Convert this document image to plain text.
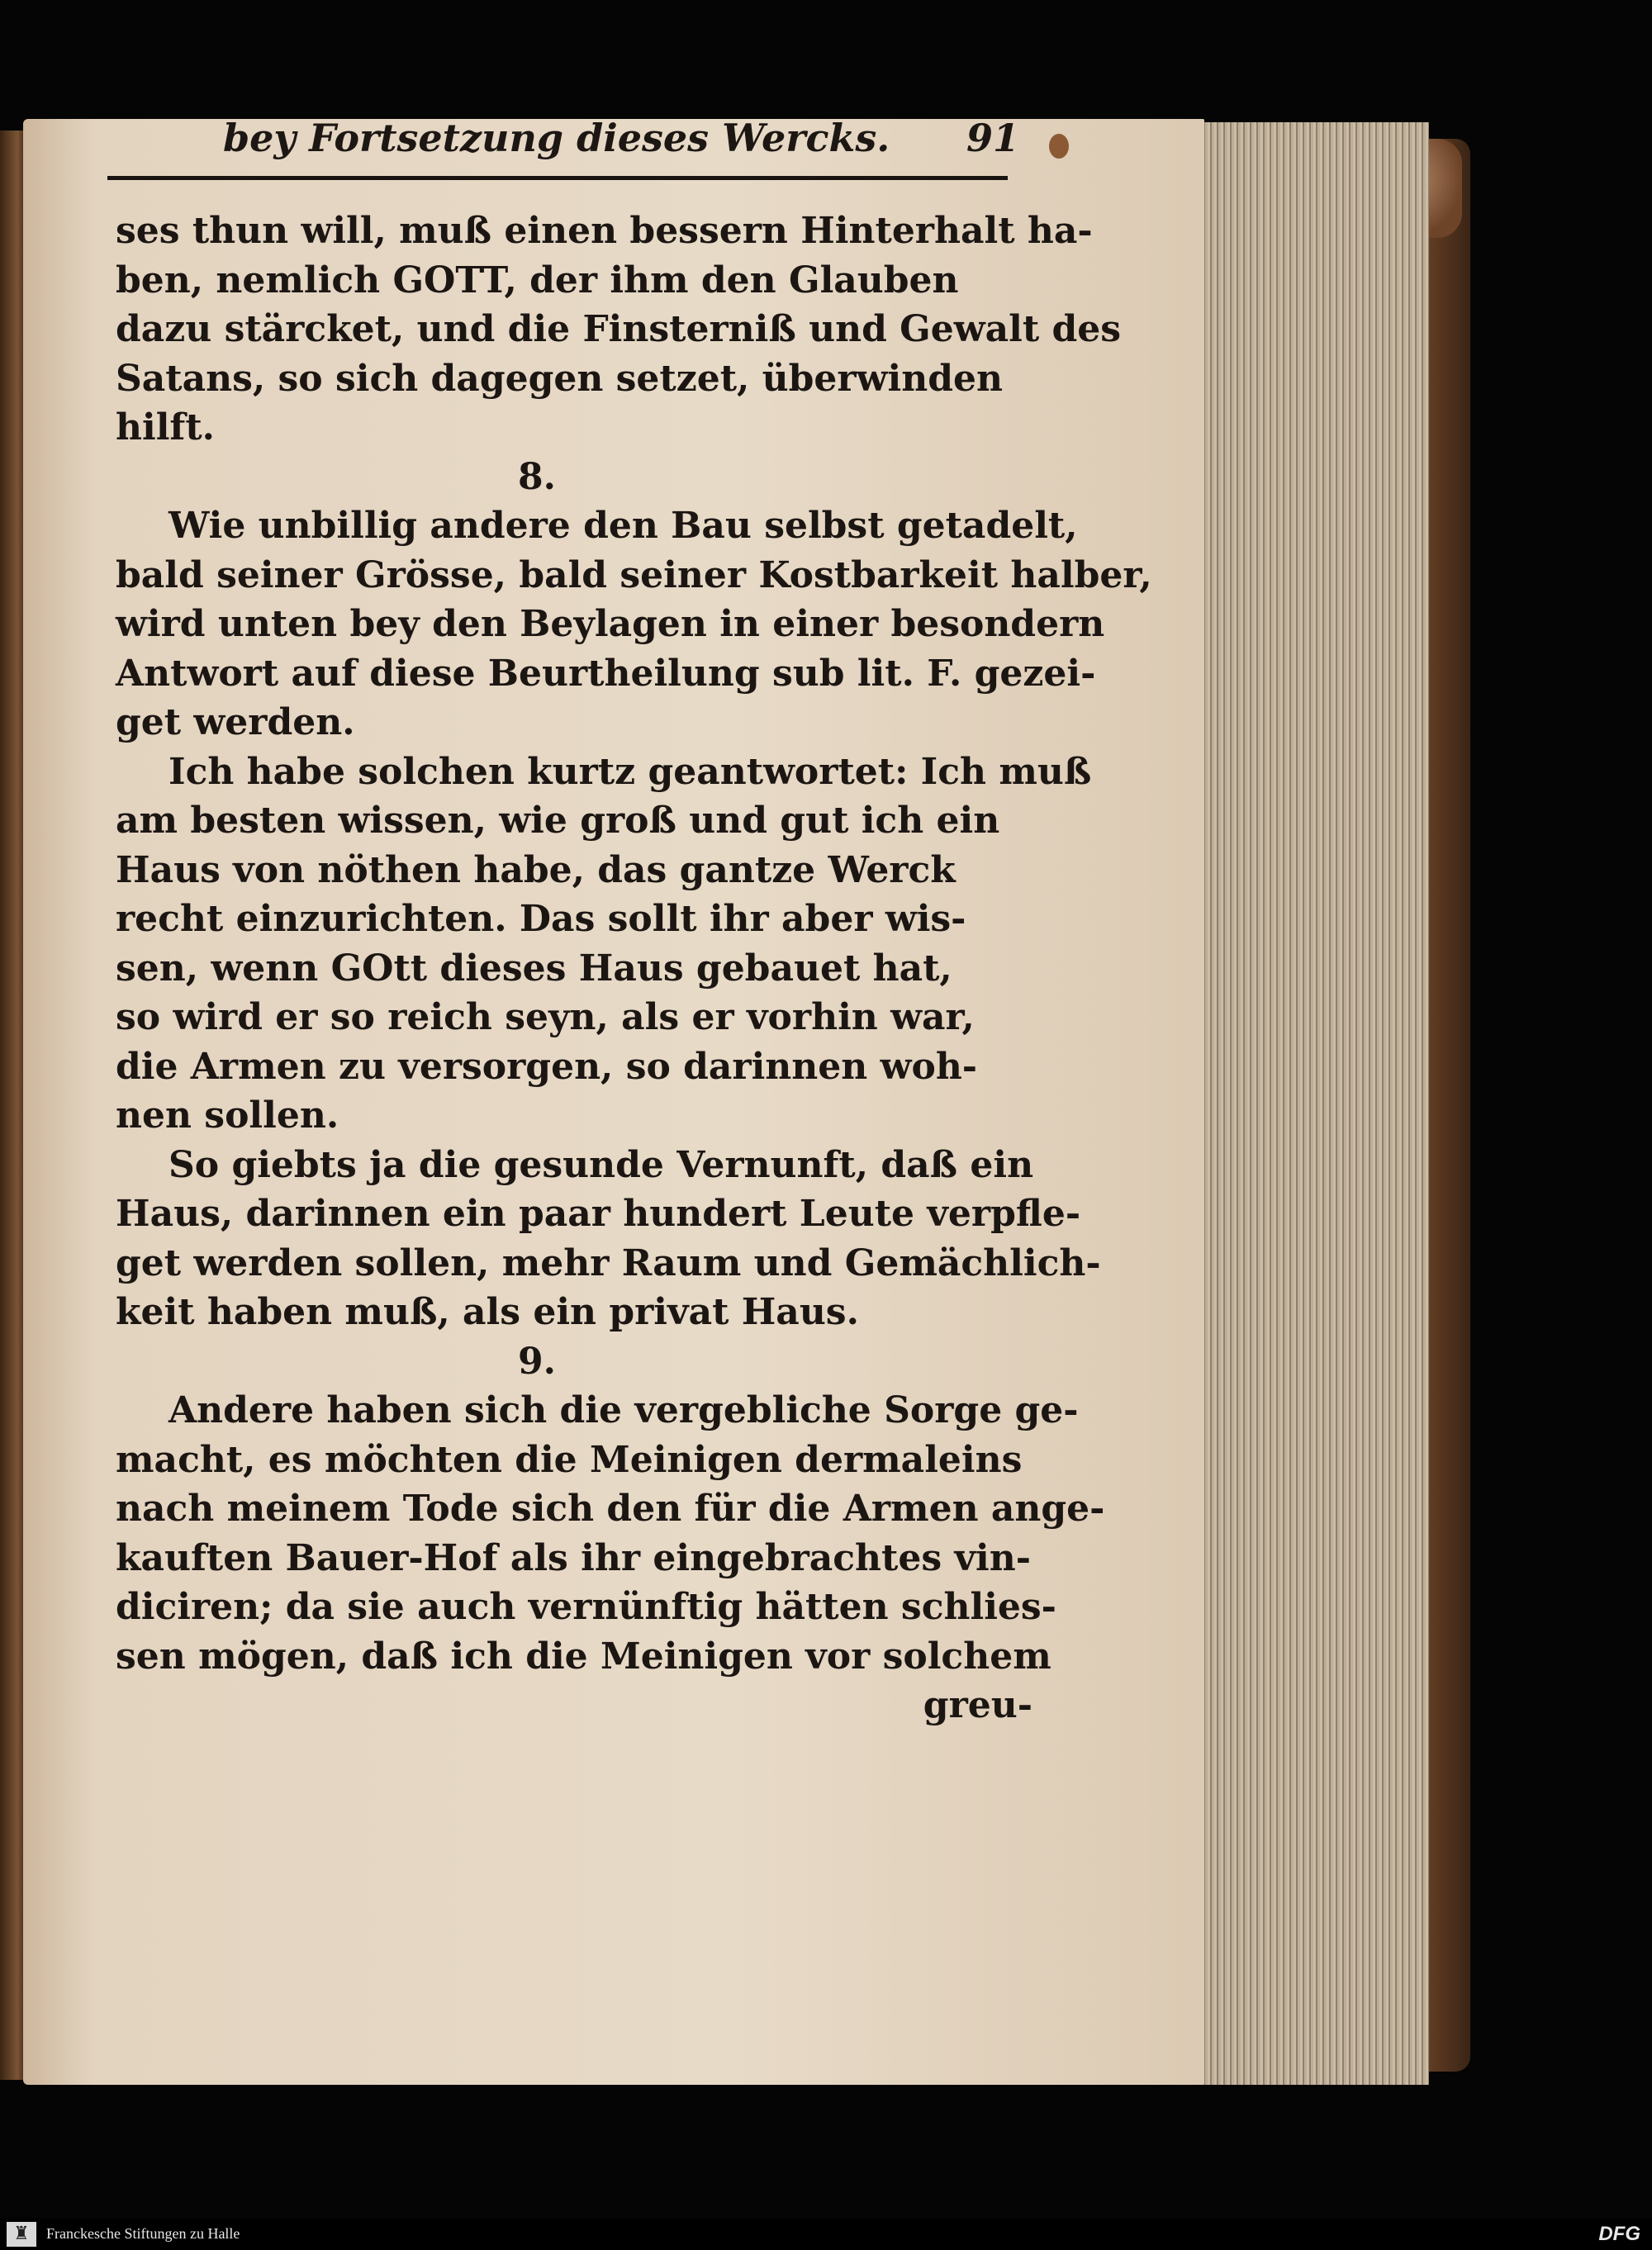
bey Fortsetzung dieses Wercks. 91
ses thun will, muß einen bessern Hinterhalt ha-
ben, nemlich GOTT, der ihm den Glauben
dazu stärcket, und die Finsterniß und Gewalt des
Satans, so sich dagegen setzet, überwinden
hilft.
8.
Wie unbillig andere den Bau selbst getadelt,
bald seiner Grösse, bald seiner Kostbarkeit halber,
wird unten bey den Beylagen in einer besondern
Antwort auf diese Beurtheilung sub lit. F. gezei-
get werden.
Ich habe solchen kurtz geantwortet: Ich muß
am besten wissen, wie groß und gut ich ein
Haus von nöthen habe, das gantze Werck
recht einzurichten. Das sollt ihr aber wis-
sen, wenn GOtt dieses Haus gebauet hat,
so wird er so reich seyn, als er vorhin war,
die Armen zu versorgen, so darinnen woh-
nen sollen.
So giebts ja die gesunde Vernunft, daß ein
Haus, darinnen ein paar hundert Leute verpfle-
get werden sollen, mehr Raum und Gemächlich-
keit haben muß, als ein privat Haus.
9.
Andere haben sich die vergebliche Sorge ge-
macht, es möchten die Meinigen dermaleins
nach meinem Tode sich den für die Armen ange-
kauften Bauer-Hof als ihr eingebrachtes vin-
diciren; da sie auch vernünftig hätten schlies-
sen mögen, daß ich die Meinigen vor solchem
greu-
♜	Franckesche Stiftungen zu Halle	DFG
